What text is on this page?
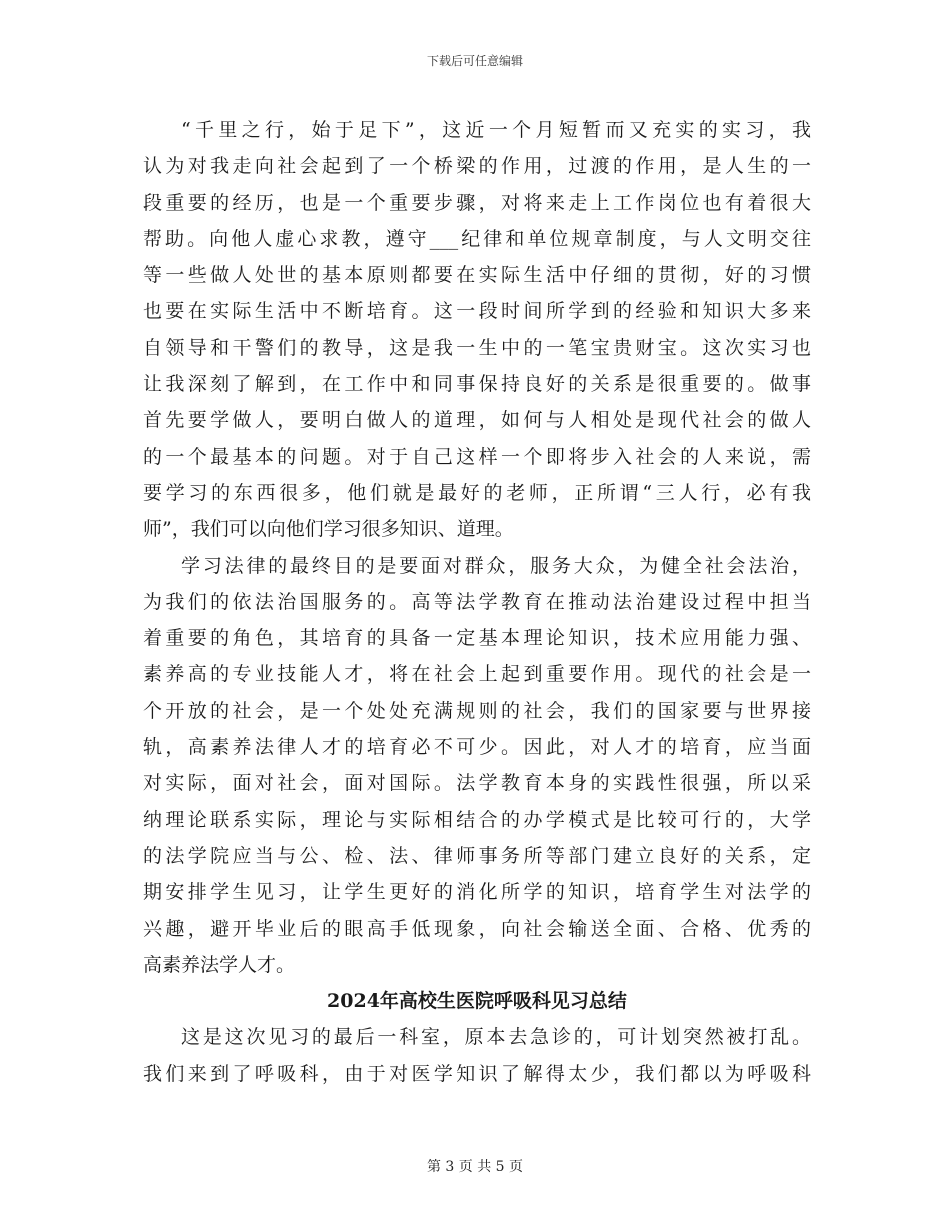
下载后可任意编辑
“千里之行，始于足下”，这近一个月短暂而又充实的实习，我
认为对我走向社会起到了一个桥梁的作用，过渡的作用，是人生的一
段重要的经历，也是一个重要步骤，对将来走上工作岗位也有着很大
帮助。向他人虚心求教，遵守___纪律和单位规章制度，与人文明交往
等一些做人处世的基本原则都要在实际生活中仔细的贯彻，好的习惯
也要在实际生活中不断培育。这一段时间所学到的经验和知识大多来
自领导和干警们的教导，这是我一生中的一笔宝贵财宝。这次实习也
让我深刻了解到，在工作中和同事保持良好的关系是很重要的。做事
首先要学做人，要明白做人的道理，如何与人相处是现代社会的做人
的一个最基本的问题。对于自己这样一个即将步入社会的人来说，需
要学习的东西很多，他们就是最好的老师，正所谓“三人行，必有我
师”，我们可以向他们学习很多知识、道理。
学习法律的最终目的是要面对群众，服务大众，为健全社会法治，
为我们的依法治国服务的。高等法学教育在推动法治建设过程中担当
着重要的角色，其培育的具备一定基本理论知识，技术应用能力强、
素养高的专业技能人才，将在社会上起到重要作用。现代的社会是一
个开放的社会，是一个处处充满规则的社会，我们的国家要与世界接
轨，高素养法律人才的培育必不可少。因此，对人才的培育，应当面
对实际，面对社会，面对国际。法学教育本身的实践性很强，所以采
纳理论联系实际，理论与实际相结合的办学模式是比较可行的，大学
的法学院应当与公、检、法、律师事务所等部门建立良好的关系，定
期安排学生见习，让学生更好的消化所学的知识，培育学生对法学的
兴趣，避开毕业后的眼高手低现象，向社会输送全面、合格、优秀的
高素养法学人才。
2024年高校生医院呼吸科见习总结
这是这次见习的最后一科室，原本去急诊的，可计划突然被打乱。
我们来到了呼吸科，由于对医学知识了解得太少，我们都以为呼吸科
第 3 页 共 5 页
